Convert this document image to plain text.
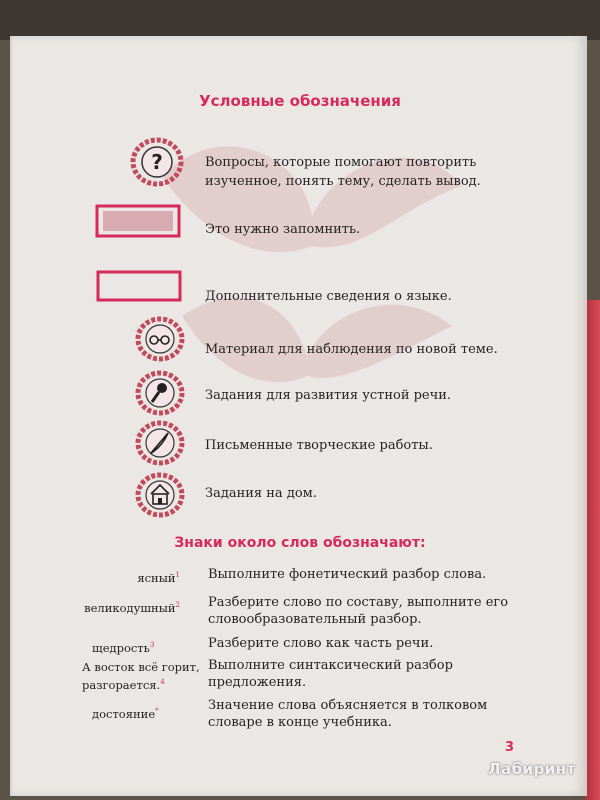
Условные обозначения
?	Вопросы, которые помогают повторить изученное, понять тему, сделать вывод.
Это нужно запомнить.
Дополнительные сведения о языке.
Материал для наблюдения по новой теме.
Задания для развития устной речи.
Письменные творческие работы.
Задания на дом.
Знаки около слов обозначают:
ясный$^1$ Выполните фонетический разбор слова.
великодушный$^2$ Разберите слово по составу, выполните его словообразовательный разбор.
щедрость$^3$	Разберите слово как часть речи.
А восток всё горит, разгорается.$^4$
Выполните синтаксический разбор предложения.
достояние*	Значение слова объясняется в толковом словаре в конце учебника.
3
Лабиринт
